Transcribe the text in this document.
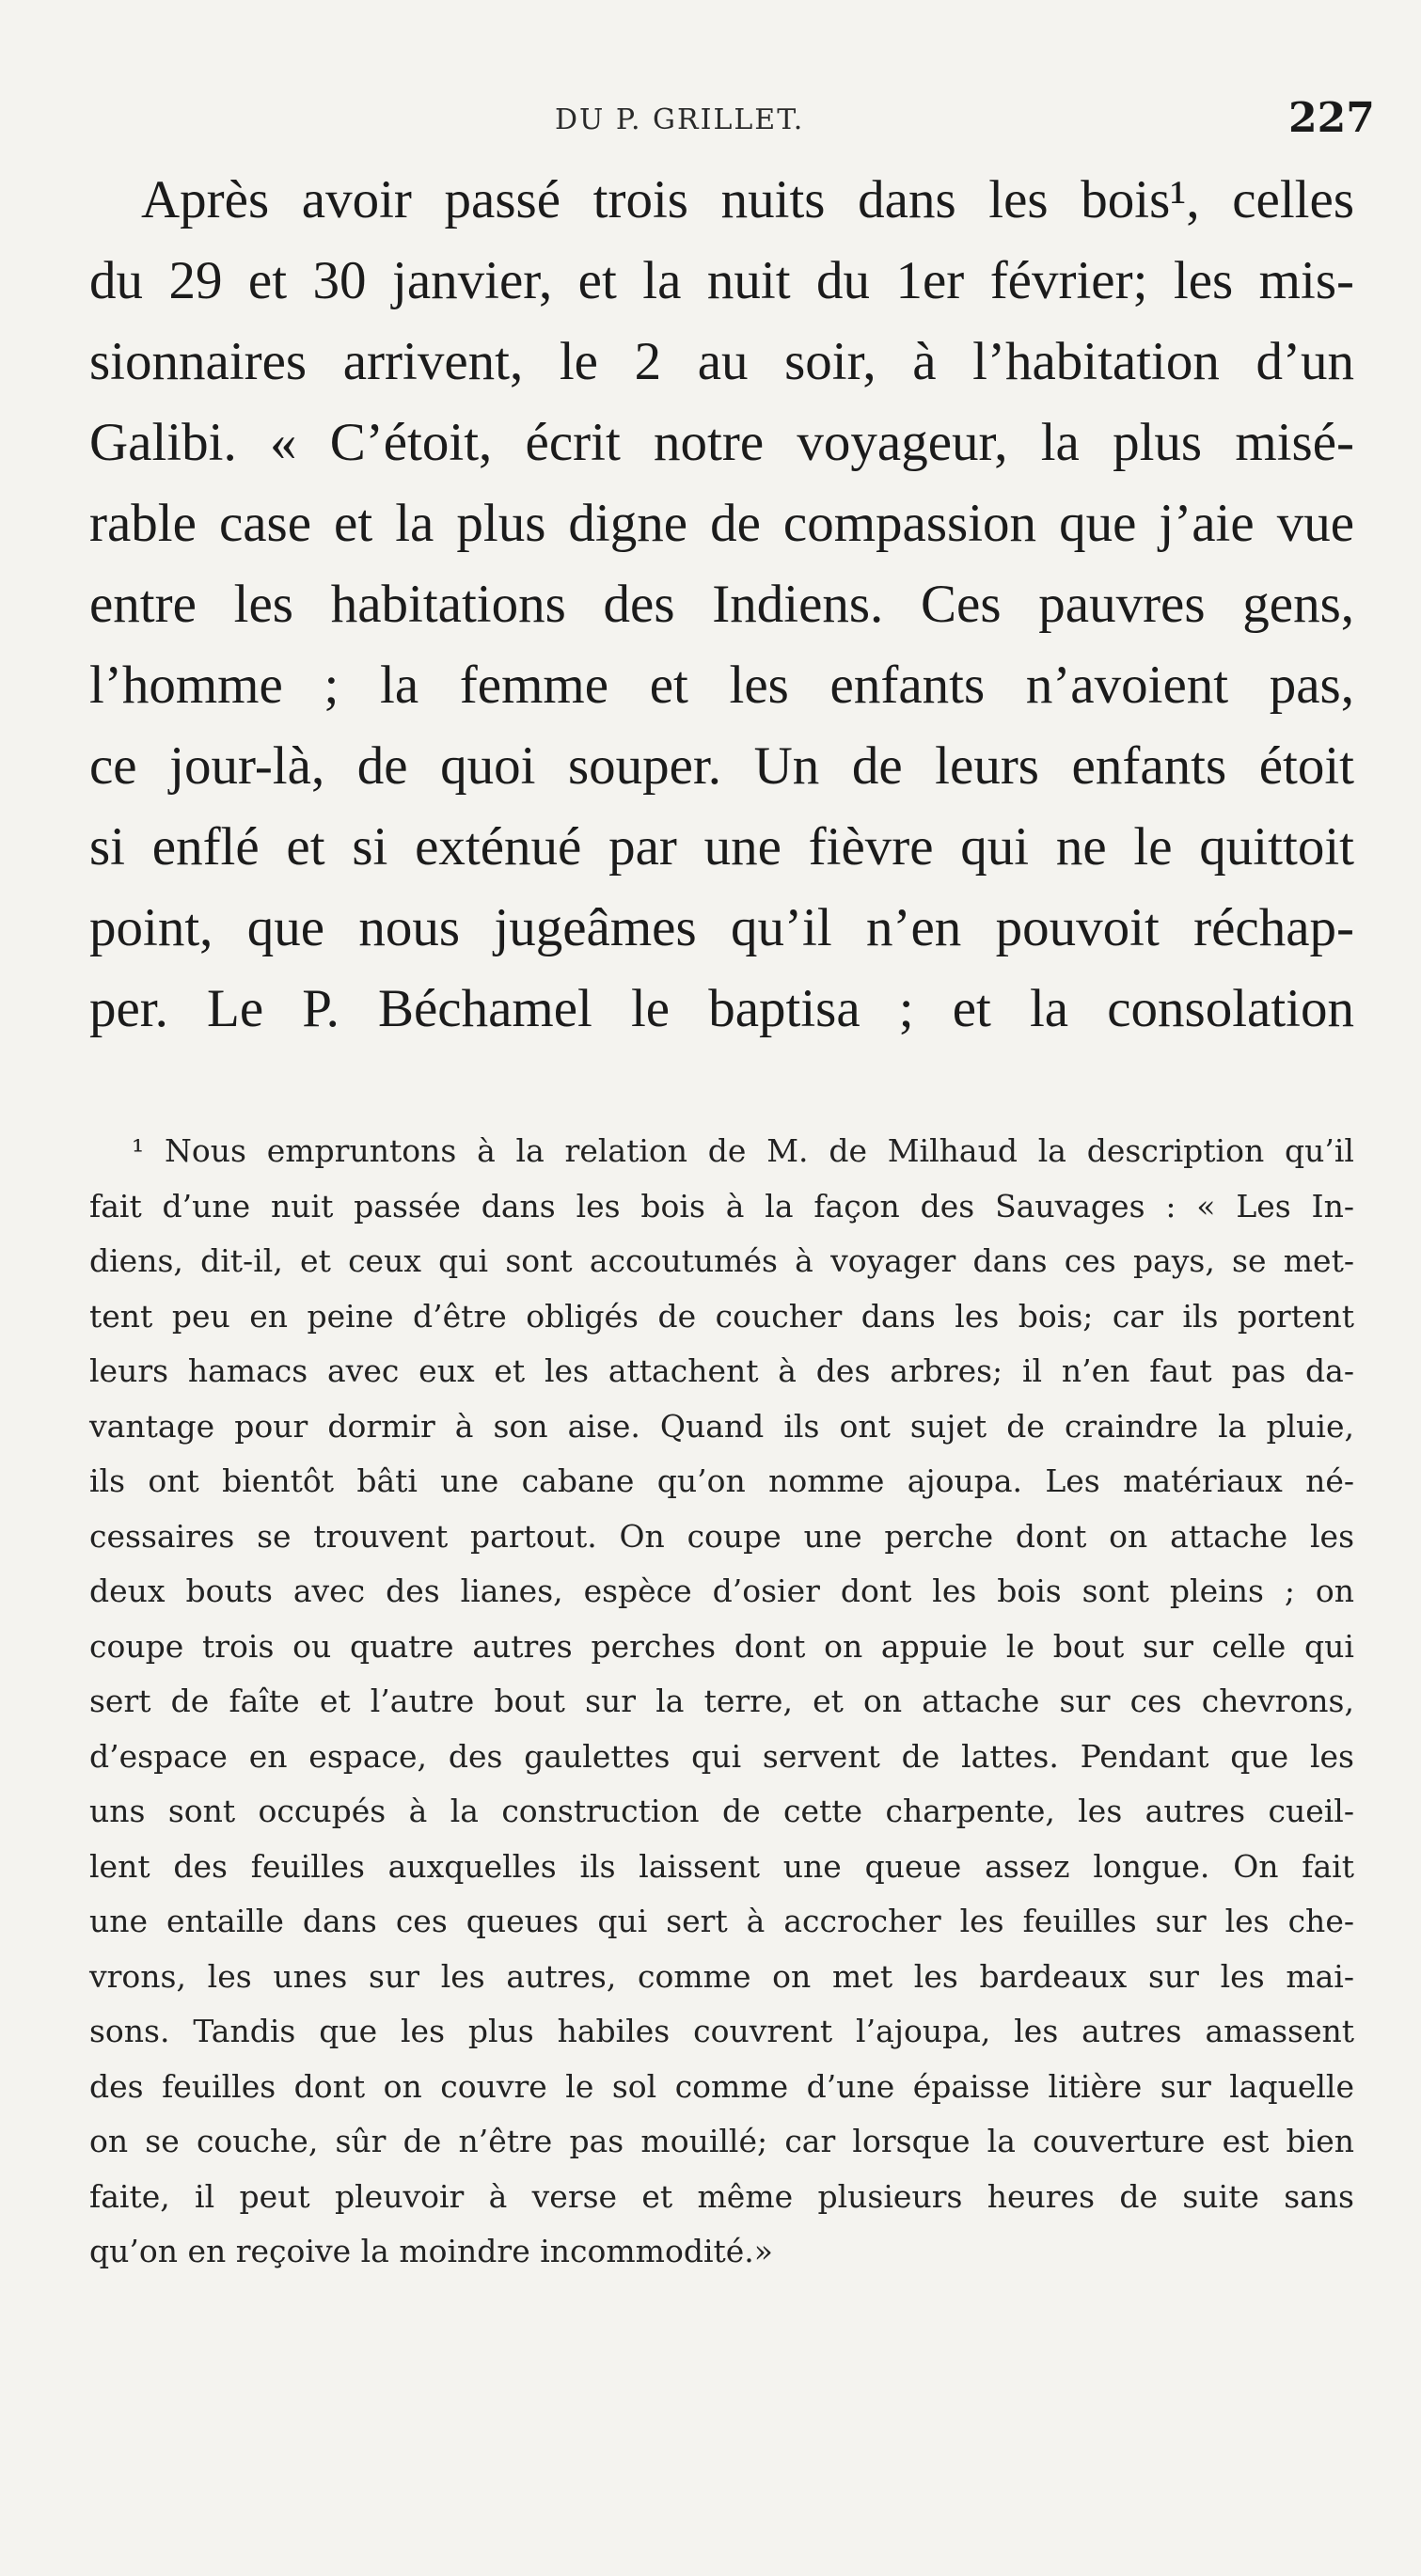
DU P. GRILLET.	227
Après avoir passé trois nuits dans les bois¹, celles
du 29 et 30 janvier, et la nuit du 1er février; les mis-
sionnaires arrivent, le 2 au soir, à l’habitation d’un
Galibi. « C’étoit, écrit notre voyageur, la plus misé-
rable case et la plus digne de compassion que j’aie vue
entre les habitations des Indiens. Ces pauvres gens,
l’homme ; la femme et les enfants n’avoient pas,
ce jour-là, de quoi souper. Un de leurs enfants étoit
si enflé et si exténué par une fièvre qui ne le quittoit
point, que nous jugeâmes qu’il n’en pouvoit réchap-
per. Le P. Béchamel le baptisa ; et la consolation
¹ Nous empruntons à la relation de M. de Milhaud la description qu’il
fait d’une nuit passée dans les bois à la façon des Sauvages : « Les In-
diens, dit-il, et ceux qui sont accoutumés à voyager dans ces pays, se met-
tent peu en peine d’être obligés de coucher dans les bois; car ils portent
leurs hamacs avec eux et les attachent à des arbres; il n’en faut pas da-
vantage pour dormir à son aise. Quand ils ont sujet de craindre la pluie,
ils ont bientôt bâti une cabane qu’on nomme ajoupa. Les matériaux né-
cessaires se trouvent partout. On coupe une perche dont on attache les
deux bouts avec des lianes, espèce d’osier dont les bois sont pleins ; on
coupe trois ou quatre autres perches dont on appuie le bout sur celle qui
sert de faîte et l’autre bout sur la terre, et on attache sur ces chevrons,
d’espace en espace, des gaulettes qui servent de lattes. Pendant que les
uns sont occupés à la construction de cette charpente, les autres cueil-
lent des feuilles auxquelles ils laissent une queue assez longue. On fait
une entaille dans ces queues qui sert à accrocher les feuilles sur les che-
vrons, les unes sur les autres, comme on met les bardeaux sur les mai-
sons. Tandis que les plus habiles couvrent l’ajoupa, les autres amassent
des feuilles dont on couvre le sol comme d’une épaisse litière sur laquelle
on se couche, sûr de n’être pas mouillé; car lorsque la couverture est bien
faite, il peut pleuvoir à verse et même plusieurs heures de suite sans
qu’on en reçoive la moindre incommodité.»
